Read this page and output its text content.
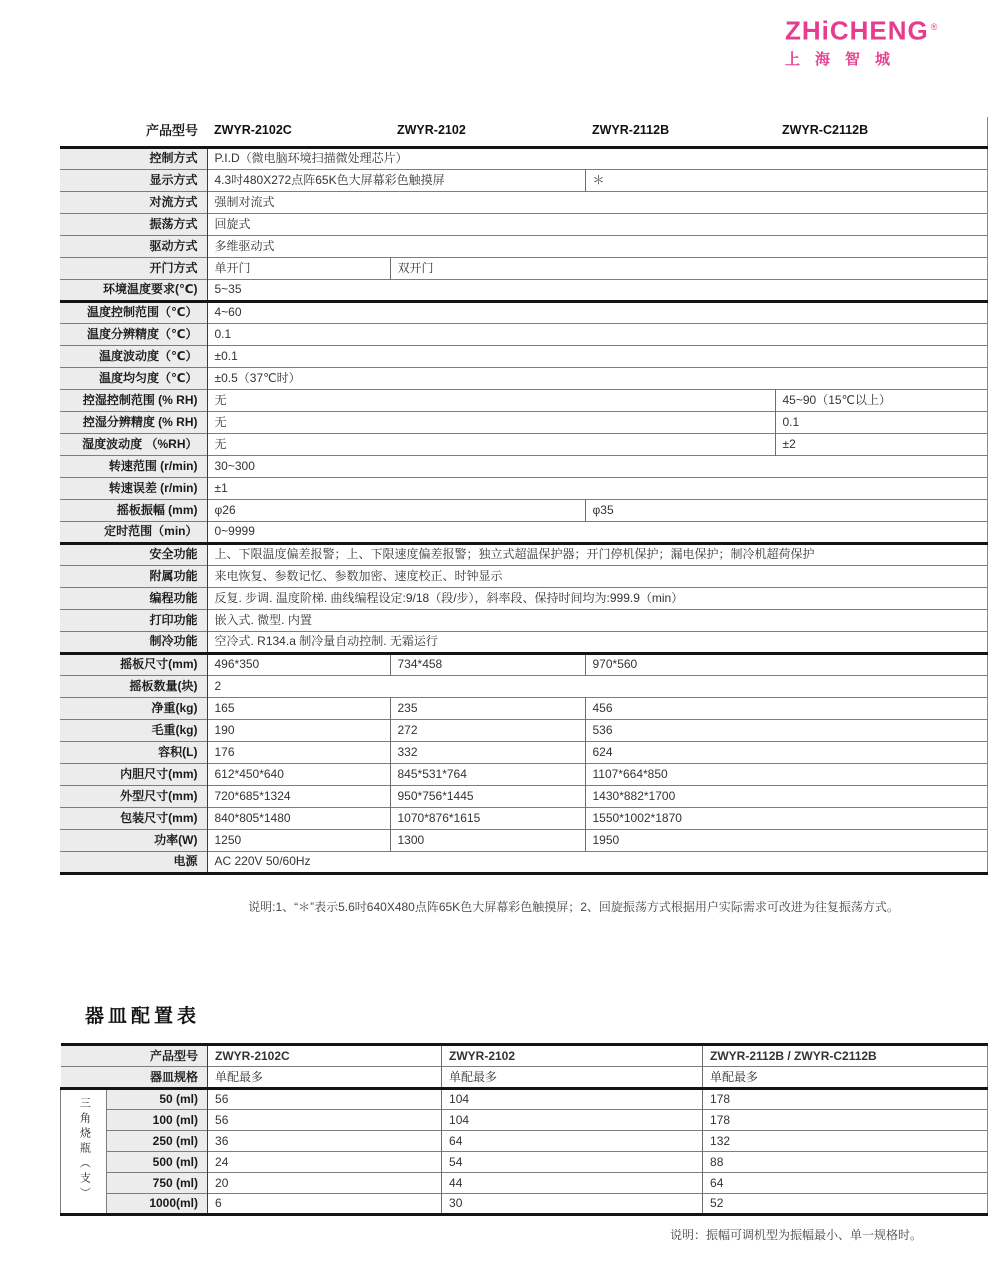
ZHiCHENG ®
上海智城
产品型号	ZWYR-2102C	ZWYR-2102	ZWYR-2112B	ZWYR-C2112B
控制方式	P.I.D（微电脑环境扫描微处理芯片）			
显示方式	4.3吋480X272点阵65K色大屏幕彩色触摸屏		＊	
对流方式	强制对流式			
振荡方式	回旋式			
驱动方式	多维驱动式			
开门方式	单开门	双开门		
环境温度要求(℃)	5~35			
温度控制范围（℃）	4~60			
温度分辨精度（℃）	0.1			
温度波动度（℃）	±0.1			
温度均匀度（℃）	±0.5（37℃时）			
控湿控制范围 (% RH)	无			45~90（15℃以上）
控湿分辨精度 (% RH)	无			0.1
湿度波动度 （%RH）	无			±2
转速范围 (r/min)	30~300			
转速误差 (r/min)	±1			
摇板振幅 (mm)	φ26		φ35	
定时范围（min）	0~9999			
安全功能	上、下限温度偏差报警；上、下限速度偏差报警；独立式超温保护器；开门停机保护；漏电保护；制冷机超荷保护			
附属功能	来电恢复、参数记忆、参数加密、速度校正、时钟显示			
编程功能	反复. 步调. 温度阶梯. 曲线编程设定:9/18（段/步），斜率段、保持时间均为:999.9（min）			
打印功能	嵌入式. 微型. 内置			
制冷功能	空冷式. R134.a 制冷量自动控制. 无霜运行			
摇板尺寸(mm)	496*350	734*458	970*560	
摇板数量(块)	2			
净重(kg)	165	235	456	
毛重(kg)	190	272	536	
容积(L)	176	332	624	
内胆尺寸(mm)	612*450*640	845*531*764	1107*664*850	
外型尺寸(mm)	720*685*1324	950*756*1445	1430*882*1700	
包装尺寸(mm)	840*805*1480	1070*876*1615	1550*1002*1870	
功率(W)	1250	1300	1950	
电源	AC 220V 50/60Hz			
说明:1、“＊”表示5.6吋640X480点阵65K色大屏幕彩色触摸屏；2、回旋振荡方式根据用户实际需求可改进为往复振荡方式。
器皿配置表
产品型号		ZWYR-2102C	ZWYR-2102	ZWYR-2112B / ZWYR-C2112B
器皿规格		单配最多	单配最多	单配最多
三角烧瓶（支）	50 (ml)	56	104	178
	100 (ml)	56	104	178
	250 (ml)	36	64	132
	500 (ml)	24	54	88
	750 (ml)	20	44	64
	1000(ml)	6	30	52
说明：振幅可调机型为振幅最小、单一规格时。
